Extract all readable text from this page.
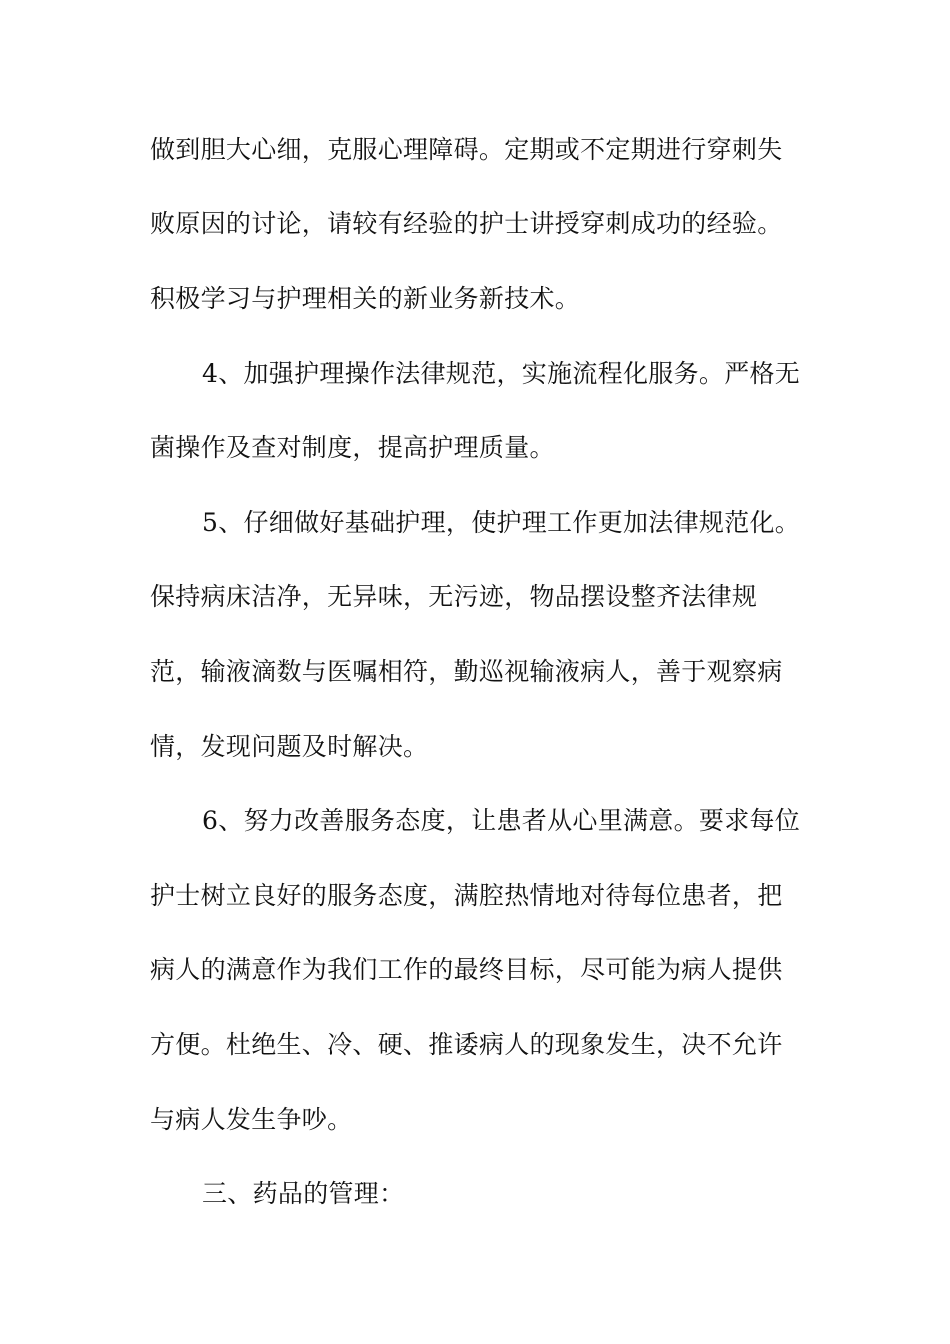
做到胆大心细，克服心理障碍。定期或不定期进行穿刺失
败原因的讨论，请较有经验的护士讲授穿刺成功的经验。
积极学习与护理相关的新业务新技术。
4、加强护理操作法律规范，实施流程化服务。严格无
菌操作及查对制度，提高护理质量。
5、仔细做好基础护理，使护理工作更加法律规范化。
保持病床洁净，无异味，无污迹，物品摆设整齐法律规
范，输液滴数与医嘱相符，勤巡视输液病人，善于观察病
情，发现问题及时解决。
6、努力改善服务态度，让患者从心里满意。要求每位
护士树立良好的服务态度，满腔热情地对待每位患者，把
病人的满意作为我们工作的最终目标，尽可能为病人提供
方便。杜绝生、冷、硬、推诿病人的现象发生，决不允许
与病人发生争吵。
三、药品的管理：
